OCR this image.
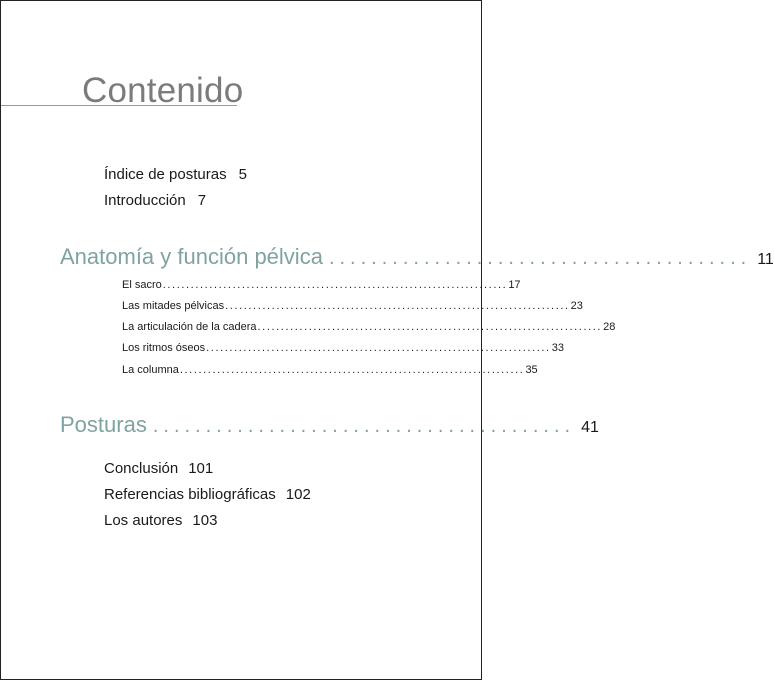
Contenido
Índice de posturas 5
Introducción 7
Anatomía y función pélvica ........................................ 11
El sacro .......................................................................... 17
Las mitades pélvicas .......................................................................... 23
La articulación de la cadera .......................................................................... 28
Los ritmos óseos .......................................................................... 33
La columna .......................................................................... 35
Posturas ........................................ 41
Conclusión 101
Referencias bibliográficas 102
Los autores 103
